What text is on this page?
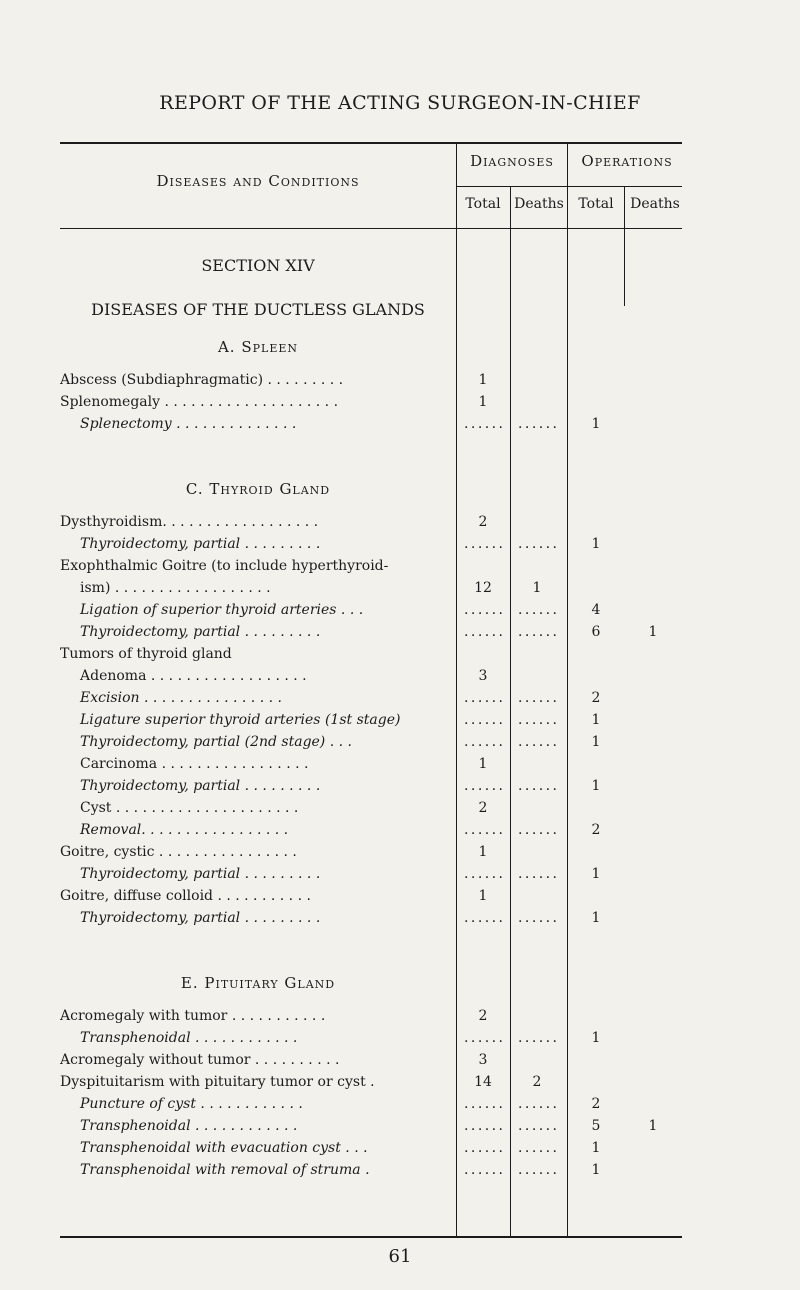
REPORT OF THE ACTING SURGEON-IN-CHIEF
Diseases and Conditions
Diagnoses	Operations
Total Deaths	Total	Deaths
SECTION XIV
DISEASES OF THE DUCTLESS GLANDS
A. Spleen
Abscess (Subdiaphragmatic) . . . . . . . . .	1
Splenomegaly . . . . . . . . . . . . . . . . . . . .	1
Splenectomy . . . . . . . . . . . . . .	. . . . . .	. . . . . .	1
C. Thyroid Gland
Dysthyroidism. . . . . . . . . . . . . . . . . .	2
Thyroidectomy, partial . . . . . . . . .	. . . . . .	. . . . . .	1
Exophthalmic Goitre (to include hyperthyroid-
ism) . . . . . . . . . . . . . . . . . .	12	1
Ligation of superior thyroid arteries . . .	. . . . . .	. . . . . .	4
Thyroidectomy, partial . . . . . . . . .	. . . . . .	. . . . . .	6	1
Tumors of thyroid gland
Adenoma . . . . . . . . . . . . . . . . . .	3
Excision . . . . . . . . . . . . . . . .	. . . . . .	. . . . . .	2
Ligature superior thyroid arteries (1st stage)	. . . . . .	. . . . . .	1
Thyroidectomy, partial (2nd stage) . . .	. . . . . .	. . . . . .	1
Carcinoma . . . . . . . . . . . . . . . . .	1
Thyroidectomy, partial . . . . . . . . .	. . . . . .	. . . . . .	1
Cyst . . . . . . . . . . . . . . . . . . . . .	2
Removal. . . . . . . . . . . . . . . . .	. . . . . .	. . . . . .	2
Goitre, cystic . . . . . . . . . . . . . . . .	1
Thyroidectomy, partial . . . . . . . . .	. . . . . .	. . . . . .	1
Goitre, diffuse colloid . . . . . . . . . . .	1
Thyroidectomy, partial . . . . . . . . .	. . . . . .	. . . . . .	1
E. Pituitary Gland
Acromegaly with tumor . . . . . . . . . . .	2
Transphenoidal . . . . . . . . . . . .	. . . . . .	. . . . . .	1
Acromegaly without tumor . . . . . . . . . .	3
Dyspituitarism with pituitary tumor or cyst .	14	2
Puncture of cyst . . . . . . . . . . . .	. . . . . .	. . . . . .	2
Transphenoidal . . . . . . . . . . . .	. . . . . .	. . . . . .	5	1
Transphenoidal with evacuation cyst . . .	. . . . . .	. . . . . .	1
Transphenoidal with removal of struma .	. . . . . .	. . . . . .	1
61
